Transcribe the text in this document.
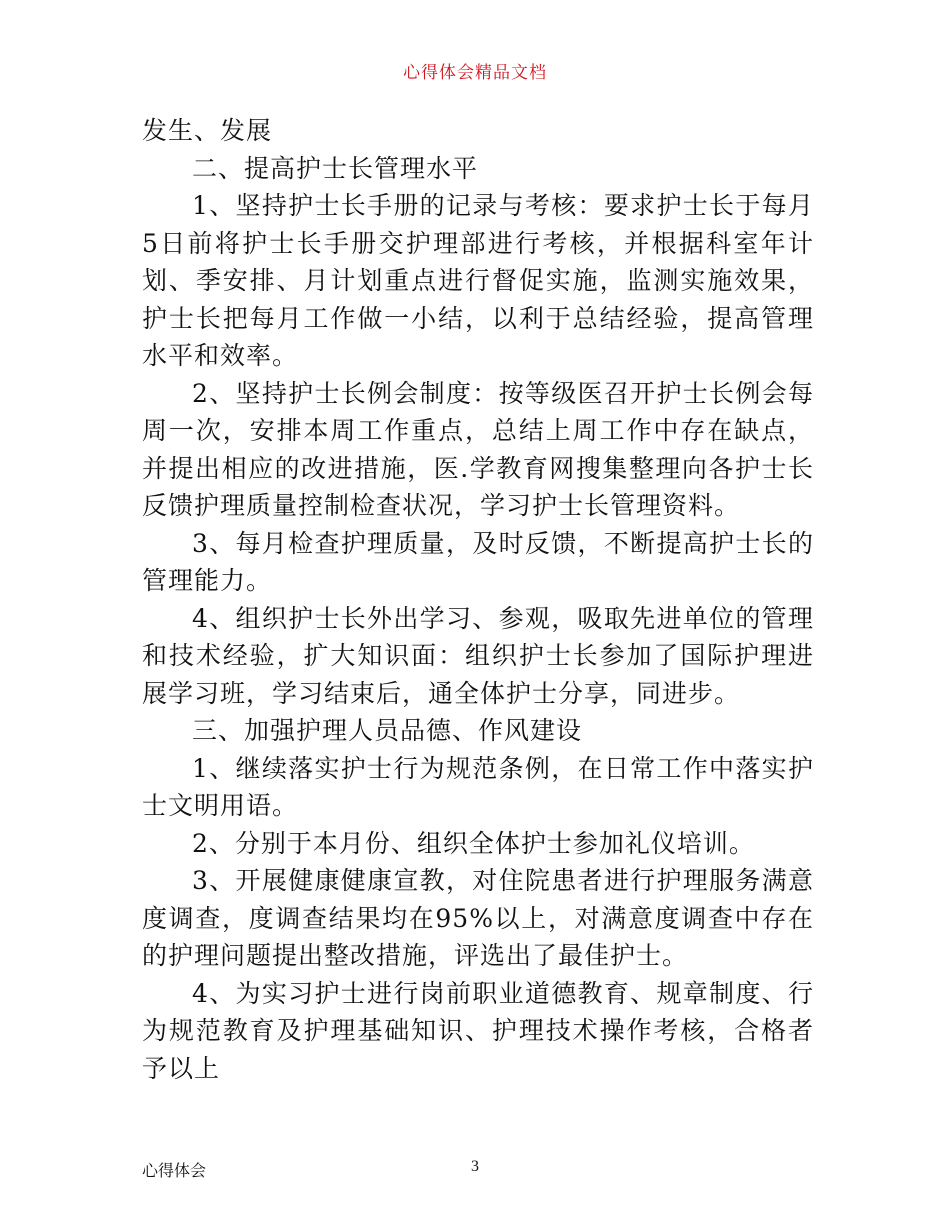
心得体会精品文档

发生、发展

二、提高护士长管理水平

1、坚持护士长手册的记录与考核：要求护士长于每月5日前将护士长手册交护理部进行考核，并根据科室年计划、季安排、月计划重点进行督促实施，监测实施效果，护士长把每月工作做一小结，以利于总结经验，提高管理水平和效率。

2、坚持护士长例会制度：按等级医召开护士长例会每周一次，安排本周工作重点，总结上周工作中存在缺点，并提出相应的改进措施，医.学教育网搜集整理向各护士长反馈护理质量控制检查状况，学习护士长管理资料。

3、每月检查护理质量，及时反馈，不断提高护士长的管理能力。

4、组织护士长外出学习、参观，吸取先进单位的管理和技术经验，扩大知识面：组织护士长参加了国际护理进展学习班，学习结束后，通全体护士分享，同进步。

三、加强护理人员品德、作风建设

1、继续落实护士行为规范条例，在日常工作中落实护士文明用语。

2、分别于本月份、组织全体护士参加礼仪培训。

3、开展健康健康宣教，对住院患者进行护理服务满意度调查，度调查结果均在95%以上，对满意度调查中存在的护理问题提出整改措施，评选出了最佳护士。

4、为实习护士进行岗前职业道德教育、规章制度、行为规范教育及护理基础知识、护理技术操作考核，合格者予以上

心得体会	3
